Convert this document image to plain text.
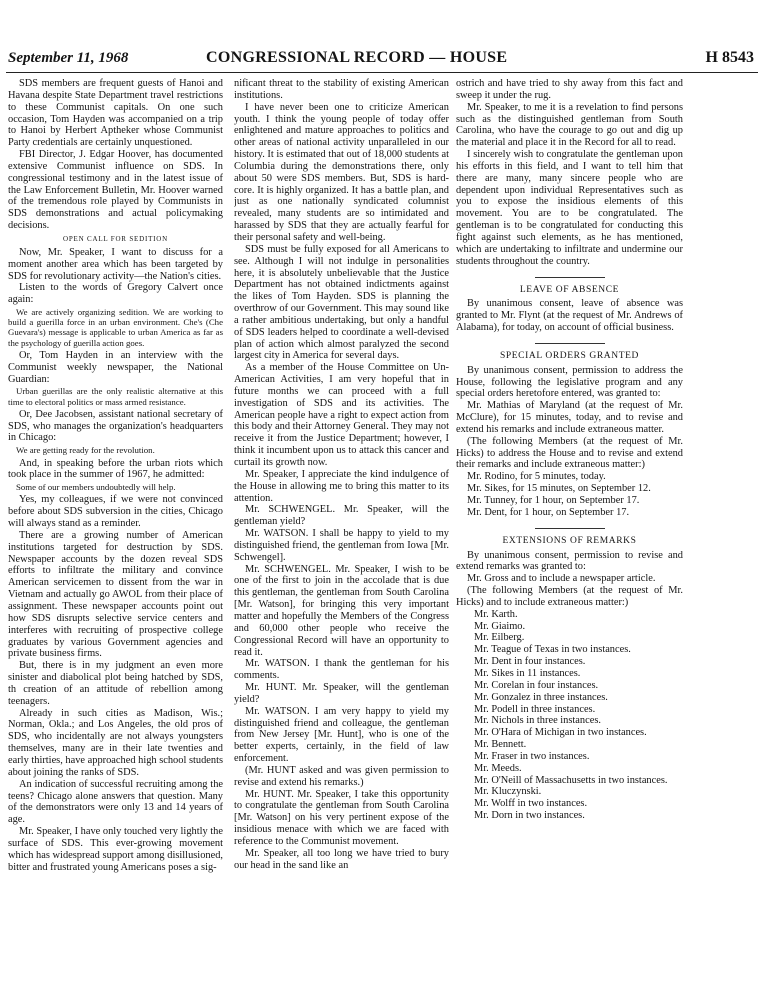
September 11, 1968	CONGRESSIONAL RECORD — HOUSE	H 8543

SDS members are frequent guests of Hanoi and Havana despite State Department travel restrictions to these Communist capitals. On one such occasion, Tom Hayden was accompanied on a trip to Hanoi by Herbert Aptheker whose Communist Party credentials are certainly unquestioned.

FBI Director, J. Edgar Hoover, has documented extensive Communist influence on SDS. In congressional testimony and in the latest issue of the Law Enforcement Bulletin, Mr. Hoover warned of the tremendous role played by Communists in SDS demonstrations and actual policymaking decisions.

OPEN CALL FOR SEDITION

Now, Mr. Speaker, I want to discuss for a moment another area which has been targeted by SDS for revolutionary activity—the Nation's cities.

Listen to the words of Gregory Calvert once again:

We are actively organizing sedition. We are working to build a guerilla force in an urban environment. Che's (Che Guevara's) message is applicable to urban America as far as the psychology of guerilla action goes.

Or, Tom Hayden in an interview with the Communist weekly newspaper, the National Guardian:

Urban guerillas are the only realistic alternative at this time to electoral politics or mass armed resistance.

Or, Dee Jacobsen, assistant national secretary of SDS, who manages the organization's headquarters in Chicago:

We are getting ready for the revolution.

And, in speaking before the urban riots which took place in the summer of 1967, he admitted:

Some of our members undoubtedly will help.

Yes, my colleagues, if we were not convinced before about SDS subversion in the cities, Chicago will always stand as a reminder.

There are a growing number of American institutions targeted for destruction by SDS. Newspaper accounts by the dozen reveal SDS efforts to infiltrate the military and convince American servicemen to dissent from the war in Vietnam and actually go AWOL from their place of assignment. These newspaper accounts point out how SDS disrupts selective service centers and interferes with recruiting of prospective college graduates by various Government agencies and private business firms.

But, there is in my judgment an even more sinister and diabolical plot being hatched by SDS, th creation of an attitude of rebellion among teenagers.

Already in such cities as Madison, Wis.; Norman, Okla.; and Los Angeles, the old pros of SDS, who incidentally are not always youngsters themselves, many are in their late twenties and early thirties, have approached high school students about joining the ranks of SDS.

An indication of successful recruiting among the teens? Chicago alone answers that question. Many of the demonstrators were only 13 and 14 years of age.

Mr. Speaker, I have only touched very lightly the surface of SDS. This ever-growing movement which has widespread support among disillusioned, bitter and frustrated young Americans poses a sig-

nificant threat to the stability of existing American institutions.

I have never been one to criticize American youth. I think the young people of today offer enlightened and mature approaches to politics and other areas of national activity unparalleled in our history. It is estimated that out of 18,000 students at Columbia during the demonstrations there, only about 50 were SDS members. But, SDS is hard-core. It is highly organized. It has a battle plan, and just as one nationally syndicated columnist revealed, many students are so intimidated and harassed by SDS that they are actually fearful for their personal safety and well-being.

SDS must be fully exposed for all Americans to see. Although I will not indulge in personalities here, it is absolutely unbelievable that the Justice Department has not obtained indictments against the likes of Tom Hayden. SDS is planning the overthrow of our Government. This may sound like a rather ambitious undertaking, but only a handful of SDS leaders helped to coordinate a well-devised plan of action which almost paralyzed the second largest city in America for several days.

As a member of the House Committee on Un-American Activities, I am very hopeful that in future months we can proceed with a full investigation of SDS and its activities. The American people have a right to expect action from this body and their Attorney General. They may not receive it from the Justice Department; however, I think it incumbent upon us to attack this cancer and curtail its growth now.

Mr. Speaker, I appreciate the kind indulgence of the House in allowing me to bring this matter to its attention.

Mr. SCHWENGEL. Mr. Speaker, will the gentleman yield?

Mr. WATSON. I shall be happy to yield to my distinguished friend, the gentleman from Iowa [Mr. Schwengel].

Mr. SCHWENGEL. Mr. Speaker, I wish to be one of the first to join in the accolade that is due this gentleman, the gentleman from South Carolina [Mr. Watson], for bringing this very important matter and hopefully the Members of the Congress and 60,000 other people who receive the Congressional Record will have an opportunity to read it.

Mr. WATSON. I thank the gentleman for his comments.

Mr. HUNT. Mr. Speaker, will the gentleman yield?

Mr. WATSON. I am very happy to yield my distinguished friend and colleague, the gentleman from New Jersey [Mr. Hunt], who is one of the better experts, certainly, in the field of law enforcement.

(Mr. HUNT asked and was given permission to revise and extend his remarks.)

Mr. HUNT. Mr. Speaker, I take this opportunity to congratulate the gentleman from South Carolina [Mr. Watson] on his very pertinent expose of the insidious menace with which we are faced with reference to the Communist movement.

Mr. Speaker, all too long we have tried to bury our head in the sand like an

ostrich and have tried to shy away from this fact and sweep it under the rug.

Mr. Speaker, to me it is a revelation to find persons such as the distinguished gentleman from South Carolina, who have the courage to go out and dig up the material and place it in the Record for all to read.

I sincerely wish to congratulate the gentleman upon his efforts in this field, and I want to tell him that there are many, many sincere people who are dependent upon individual Representatives such as you to expose the insidious elements of this movement. You are to be congratulated. The gentleman is to be congratulated for conducting this fight against such elements, as he has mentioned, which are undertaking to infiltrate and undermine our students throughout the country.

LEAVE OF ABSENCE

By unanimous consent, leave of absence was granted to Mr. Flynt (at the request of Mr. Andrews of Alabama), for today, on account of official business.

SPECIAL ORDERS GRANTED

By unanimous consent, permission to address the House, following the legislative program and any special orders heretofore entered, was granted to:

Mr. Mathias of Maryland (at the request of Mr. McClure), for 15 minutes, today, and to revise and extend his remarks and include extraneous matter.

(The following Members (at the request of Mr. Hicks) to address the House and to revise and extend their remarks and include extraneous matter:)

Mr. Rodino, for 5 minutes, today.

Mr. Sikes, for 15 minutes, on September 12.

Mr. Tunney, for 1 hour, on September 17.

Mr. Dent, for 1 hour, on September 17.

EXTENSIONS OF REMARKS

By unanimous consent, permission to revise and extend remarks was granted to:

Mr. Gross and to include a newspaper article.

(The following Members (at the request of Mr. Hicks) and to include extraneous matter:)

Mr. Karth.

Mr. Giaimo.

Mr. Eilberg.

Mr. Teague of Texas in two instances.

Mr. Dent in four instances.

Mr. Sikes in 11 instances.

Mr. Corelan in four instances.

Mr. Gonzalez in three instances.

Mr. Podell in three instances.

Mr. Nichols in three instances.

Mr. O'Hara of Michigan in two instances.

Mr. Bennett.

Mr. Fraser in two instances.

Mr. Meeds.

Mr. O'Neill of Massachusetts in two instances.

Mr. Kluczynski.

Mr. Wolff in two instances.

Mr. Dorn in two instances.
